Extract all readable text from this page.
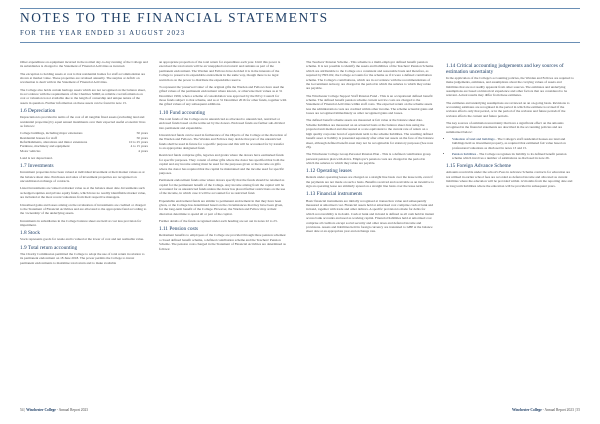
NOTES TO THE FINANCIAL STATEMENTS
FOR THE YEAR ENDED 31 AUGUST 2023

Other expenditure on equipment incurred in the normal day-to-day running of the College and its subsidiaries is charged to the Statement of Financial Activities as incurred.

The exception to holding assets at cost is that residential homes for staff accommodation are shown at market value. These properties are revalued annually. The surplus or deficit on revaluation is dealt with in the Statement of Financial Activities.

The College also holds certain heritage assets which are not recognised on the balance sheet, in accordance with the requirements of the Charities SORP, as reliable cost information on cost or valuation is not available due to the length of ownership and unique nature of the assets in question. Further information on these assets can be found in note 13.

1.6 Depreciation

Depreciation is provided in terms of the cost of all tangible fixed assets (excluding land and residential properties) by equal annual instalments over their expected useful economic lives as follows:

College buildings, including major extensions	50 years
Residential houses for staff	50 years
Refurbishments, alterations and minor extensions	10 to 25 years
Furniture, machinery and equipment	4 to 15 years
Motor vehicles	4 years

Land is not depreciated.

1.7 Investments

Investment properties have been valued at individual investment at their market values as at the balance sheet date. Purchases and sales of investment properties are recognised on unconditional exchange of contracts.

Listed investments are valued at market value as at the balance sheet date. Investments such as hedged equities and private equity funds, which have no readily identifiable market value, are included at the most recent valuations from their respective managers.

Unrealised gains and losses arising on the revaluation of investments are credited or charged to the Statement of Financial Activities and are allocated to the appropriate fund according to the 'ownership' of the underlying assets.

Investments in subsidiaries in the College balance sheet are held at cost less provision for impairment.

1.8 Stock

Stock represents goods for resale and is valued at the lower of cost and net realisable value.

1.9 Total return accounting

The Charity Commission permitted the College to adopt the use of total return in relation to its permanent endowment on 18 June 2018. The power permits the College to invest permanent endowments to maximise total return and to make available

an appropriate proportion of the total return for expenditure each year. Until this power is exercised the total return will be an 'unapplied total return' and remains as part of the permanent endowment. The Warden and Fellows have decided it is in the interests of the College to preserve its expendable endowment in the same way, though there is no legal restriction on the power to distribute the expendable reserve.

To represent the 'preserved value' of the original gifts the Warden and Fellows have used the gifted values of the permanent endowment where known, or otherwise their values as at 31 December 1999, when a scheme of consolidation was approved by the Privy Council for those funds subject to that scheme, and as at 31 December 2016 for other funds, together with the gifted values of any subsequent additions.

1.10 Fund accounting

The total funds of the College are in unrestricted as allocated to unrestricted, restricted or endowed funds based on the terms set by the donors. Endowed funds are further sub-divided into permanent and expendable.

Unrestricted funds can be used in furtherance of the Objects of the College at the discretion of the Warden and Fellows. The Warden and Fellows may decide that part of the unrestricted funds shall be used in future for a specific purpose and this will be accounted for by transfer to an appropriate designated fund.

Restricted funds comprise gifts, legacies and grants where the donors have earmarked funds for specific purposes. They consist of either gifts where the donor has specified that both the capital and any income arising must be used for the purposes given or the income on gifts where the donor has required that the capital be maintained and the income used for specific purposes.

Permanent endowment funds arise where donors specify that the funds should be retained as capital for the permanent benefit of the College. Any income arising from the capital will be accounted for as unrestricted funds unless the donor has placed further restrictions on the use of the income, in which case it will be accounted for as restricted fund.

Expendable endowment funds are similar to permanent endowment in that they have been given, or the College has determined based on the circumstances that they have been given, for the long-term benefit of the College. However, the Warden and Fellow may at their discretion determine to spend all or part of the capital.

Further details of the funds recognised under each heading are set out in notes 22 to 23.

1.11 Pension costs

Retirement benefits to employees of the College are provided through three pension schemes: a closed defined benefit scheme, a defined contribution scheme and the Teachers' Pension Scheme. The pension costs charged in the Statement of Financial Activities are determined as follows:

The Teachers' Pension Scheme - This scheme is a multi-employer defined benefit pension scheme. It is not possible to identify the assets and liabilities of the Teachers' Pension Scheme which are attributable to the College on a consistent and reasonable basis and therefore, as required by FRS102, the College accounts for the scheme as if it were a defined contribution scheme. The College's contributions, which are in accordance with the recommendations of the Government Actuary, are charged in the period in which the salaries to which they relate are payable.

The Winchester College Support Staff Pension Fund - This is an occupational defined benefit scheme. The defined benefit pension scheme current service costs are charged to the Statement of Financial Activities within staff costs. The expected return on the scheme assets less the administration costs are credited within other income. The scheme actuarial gains and losses are recognised immediately as other recognised gains and losses.

The defined benefit scheme assets are measured at fair value at the balance sheet date. Scheme liabilities are measured on an actuarial basis at the balance sheet date using the projected unit method and discounted at a rate equivalent to the current rate of return on a high quality corporate bond of equivalent term to the scheme liabilities. The resulting defined benefit asset or liability is presented separately after other net assets on the face of the balance sheet, although defined benefit asset may not be recognisable for statutory purposes (See note 26).

The Winchester College Group Personal Pension Plan - This is a defined contribution group personal pension plan with Aviva. Employer's pension costs are charged in the period in which the salaries to which they relate are payable.

1.12 Operating leases

Rentals under operating leases are charged on a straight line basis over the lease term, even if the payments are not made on such a basis. Benefits received and receivable as an incentive to sign an operating lease are similarly spread on a straight line basis over the lease term.

1.13 Financial instruments

Basic financial instruments are initially recognised at transaction value and subsequently measured at amortised cost. Financial assets held at amortised cost comprise cash at bank and in hand, together with trade and other debtors. A specific provision is made for debts for which recoverability is in doubt. Cash at bank and in hand is defined as all cash held in instant access bank accounts and used as working capital. Financial liabilities held at amortised cost comprise all creditors except social security and other taxes and deferred income and provisions. Assets and liabilities held in foreign currency are translated to GBP at the balance sheet date at an appropriate year end exchange rate.

1.14 Critical accounting judgements and key sources of estimation uncertainty

In the application of the College's accounting policies, the Warden and Fellows are required to make judgements, estimates, and assumptions about the carrying values of assets and liabilities that are not readily apparent from other sources. The estimates and underlying assumptions are based on historical experience and other factors that are considered to be relevant. Actual results may differ from these estimates.

The estimates and underlying assumptions are reviewed on an on-going basis. Revisions to accounting estimates are recognised in the period in which the estimate is revised if the revision affects only that period, or in the period of the revision and future periods if the revision affects the current and future periods.

The key sources of estimation uncertainty that have a significant effect on the amounts recognised in the financial statements are described in the accounting policies and are summarised below:

• Valuation of land and buildings - The College's staff residential houses are land and buildings held as investment property, as required that estimated fair value based on professional valuations as disclosed in notes 13 and 15.
• Pension liabilities - The College recognises its liability to its defined benefit pension scheme which involves a number of estimations as disclosed in note 26.
1.15 Foreign Advance Scheme

Amounts receivable under the school's Fees in Advance Scheme contracts for education are not utilised in earlier school fees are recorded as deferred income and allocated as current liabilities where the education will be provided within 12 months from the reporting date and as long term liabilities where the education will be provided in subsequent years.

54 | Winchester College - Annual Report 2023	Winchester College - Annual Report 2023 | 55
